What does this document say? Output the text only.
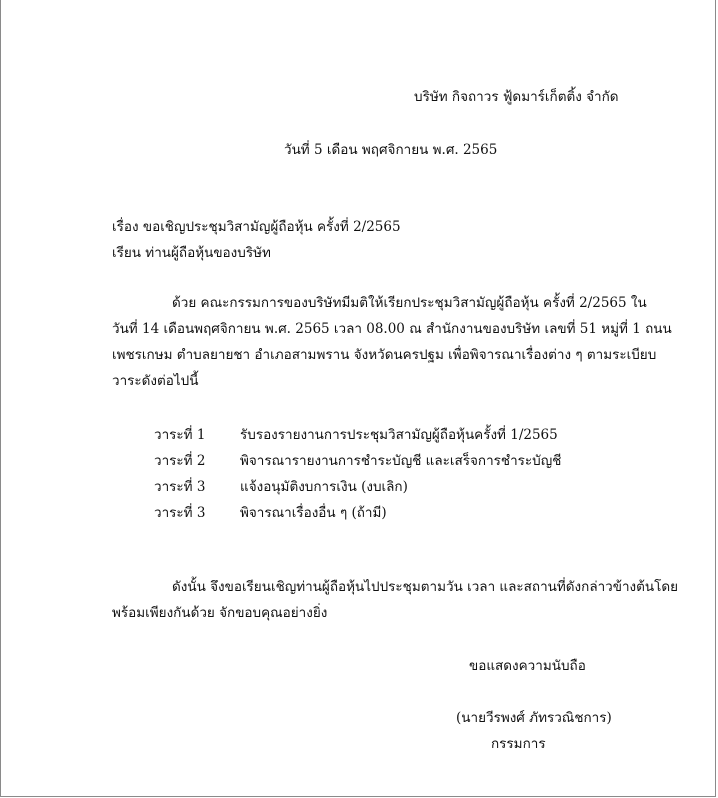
บริษัท กิจถาวร ฟู้ดมาร์เก็ตติ้ง จำกัด
วันที่ 5 เดือน พฤศจิกายน พ.ศ. 2565
เรื่อง ขอเชิญประชุมวิสามัญผู้ถือหุ้น ครั้งที่ 2/2565
เรียน ท่านผู้ถือหุ้นของบริษัท
ด้วย คณะกรรมการของบริษัทมีมติให้เรียกประชุมวิสามัญผู้ถือหุ้น ครั้งที่ 2/2565 ใน
วันที่ 14 เดือนพฤศจิกายน พ.ศ. 2565 เวลา 08.00 ณ สำนักงานของบริษัท เลขที่ 51 หมู่ที่ 1 ถนน
เพชรเกษม ตำบลยายชา อำเภอสามพราน จังหวัดนครปฐม เพื่อพิจารณาเรื่องต่าง ๆ ตามระเบียบ
วาระดังต่อไปนี้
วาระที่ 1	รับรองรายงานการประชุมวิสามัญผู้ถือหุ้นครั้งที่ 1/2565
วาระที่ 2	พิจารณารายงานการชำระบัญชี และเสร็จการชำระบัญชี
วาระที่ 3	แจ้งอนุมัติงบการเงิน (งบเลิก)
วาระที่ 3	พิจารณาเรื่องอื่น ๆ (ถ้ามี)
ดังนั้น จึงขอเรียนเชิญท่านผู้ถือหุ้นไปประชุมตามวัน เวลา และสถานที่ดังกล่าวข้างต้นโดย
พร้อมเพียงกันด้วย จักขอบคุณอย่างยิ่ง
ขอแสดงความนับถือ
(นายวีรพงศ์ ภัทรวณิชการ)
กรรมการ
